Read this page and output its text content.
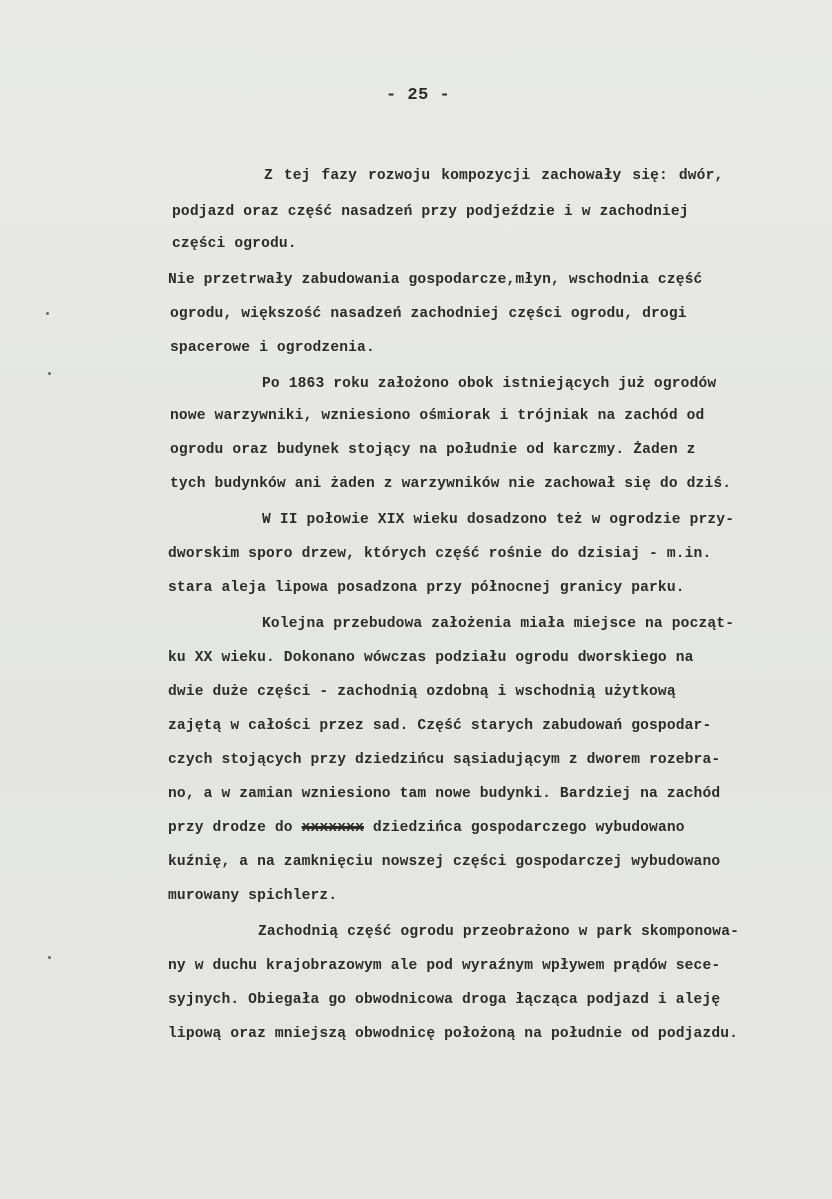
- 25 -
Z tej fazy rozwoju kompozycji zachowały się: dwór,
podjazd oraz część nasadzeń przy podjeździe i w zachodniej
części ogrodu.
Nie przetrwały zabudowania gospodarcze,młyn, wschodnia część
ogrodu, większość nasadzeń zachodniej części ogrodu, drogi
spacerowe i ogrodzenia.
Po 1863 roku założono obok istniejących już ogrodów
nowe warzywniki, wzniesiono ośmiorak i trójniak na zachód od
ogrodu oraz budynek stojący na południe od karczmy. Żaden z
tych budynków ani żaden z warzywników nie zachował się do dziś.
W II połowie XIX wieku dosadzono też w ogrodzie przy-
dworskim sporo drzew, których część rośnie do dzisiaj - m.in.
stara aleja lipowa posadzona przy północnej granicy parku.
Kolejna przebudowa założenia miała miejsce na począt-
ku XX wieku. Dokonano wówczas podziału ogrodu dworskiego na
dwie duże części - zachodnią ozdobną i wschodnią użytkową
zajętą w całości przez sad. Część starych zabudowań gospodar-
czych stojących przy dziedzińcu sąsiadującym z dworem rozebra-
no, a w zamian wzniesiono tam nowe budynki. Bardziej na zachód
przy drodze do xxxxxxx dziedzińca gospodarczego wybudowano
kuźnię, a na zamknięciu nowszej części gospodarczej wybudowano
murowany spichlerz.
Zachodnią część ogrodu przeobrażono w park skomponowa-
ny w duchu krajobrazowym ale pod wyraźnym wpływem prądów sece-
syjnych. Obiegała go obwodnicowa droga łącząca podjazd i aleję
lipową oraz mniejszą obwodnicę położoną na południe od podjazdu.
